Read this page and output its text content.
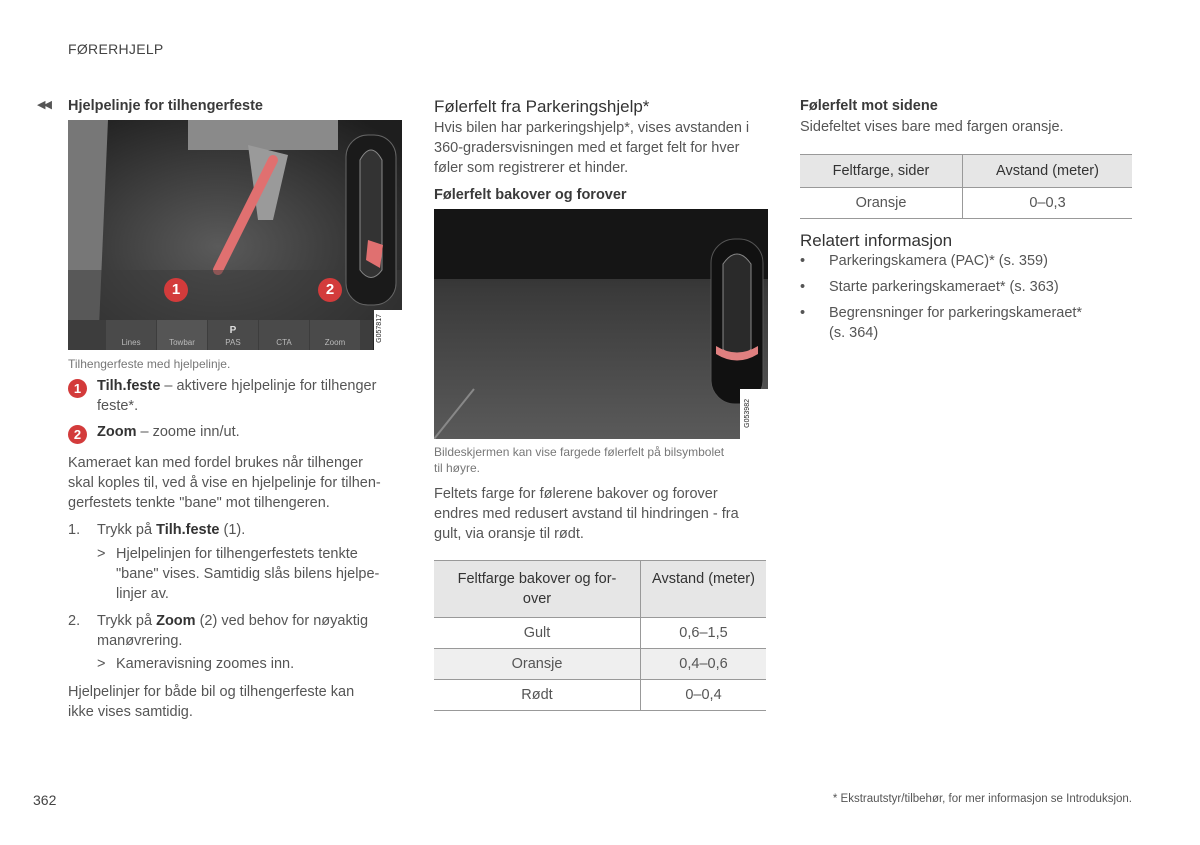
FØRERHJELP
◀◀ Hjelpelinje for tilhengerfeste
Lines	Towbar
P
PAS	CTA	Zoom	G057817
1	2
Tilhengerfeste med hjelpelinje.
1	Tilh.feste – aktivere hjelpelinje for tilhenger
feste*.
2	Zoom – zoome inn/ut.
Kameraet kan med fordel brukes når tilhenger
skal koples til, ved å vise en hjelpelinje for tilhen-
gerfestets tenkte "bane" mot tilhengeren.
1. Trykk på Tilh.feste (1).
> Hjelpelinjen for tilhengerfestets tenkte
"bane" vises. Samtidig slås bilens hjelpe-
linjer av.
2. Trykk på Zoom (2) ved behov for nøyaktig
manøvrering.
> Kameravisning zoomes inn.
Hjelpelinjer for både bil og tilhengerfeste kan
ikke vises samtidig.
Følerfelt fra Parkeringshjelp*
Hvis bilen har parkeringshjelp*, vises avstanden i
360-gradersvisningen med et farget felt for hver
føler som registrerer et hinder.
Følerfelt bakover og forover
G053982
Bildeskjermen kan vise fargede følerfelt på bilsymbolet
til høyre.
Feltets farge for følerene bakover og forover
endres med redusert avstand til hindringen - fra
gult, via oransje til rødt.
Feltfarge bakover og for-
over	Avstand (meter)
Gult	0,6–1,5
Oransje	0,4–0,6
Rødt	0–0,4
Følerfelt mot sidene
Sidefeltet vises bare med fargen oransje.
Feltfarge, sider	Avstand (meter)
Oransje	0–0,3
Relatert informasjon
• Parkeringskamera (PAC)* (s. 359)
• Starte parkeringskameraet* (s. 363)
• Begrensninger for parkeringskameraet*
(s. 364)
362	* Ekstrautstyr/tilbehør, for mer informasjon se Introduksjon.
